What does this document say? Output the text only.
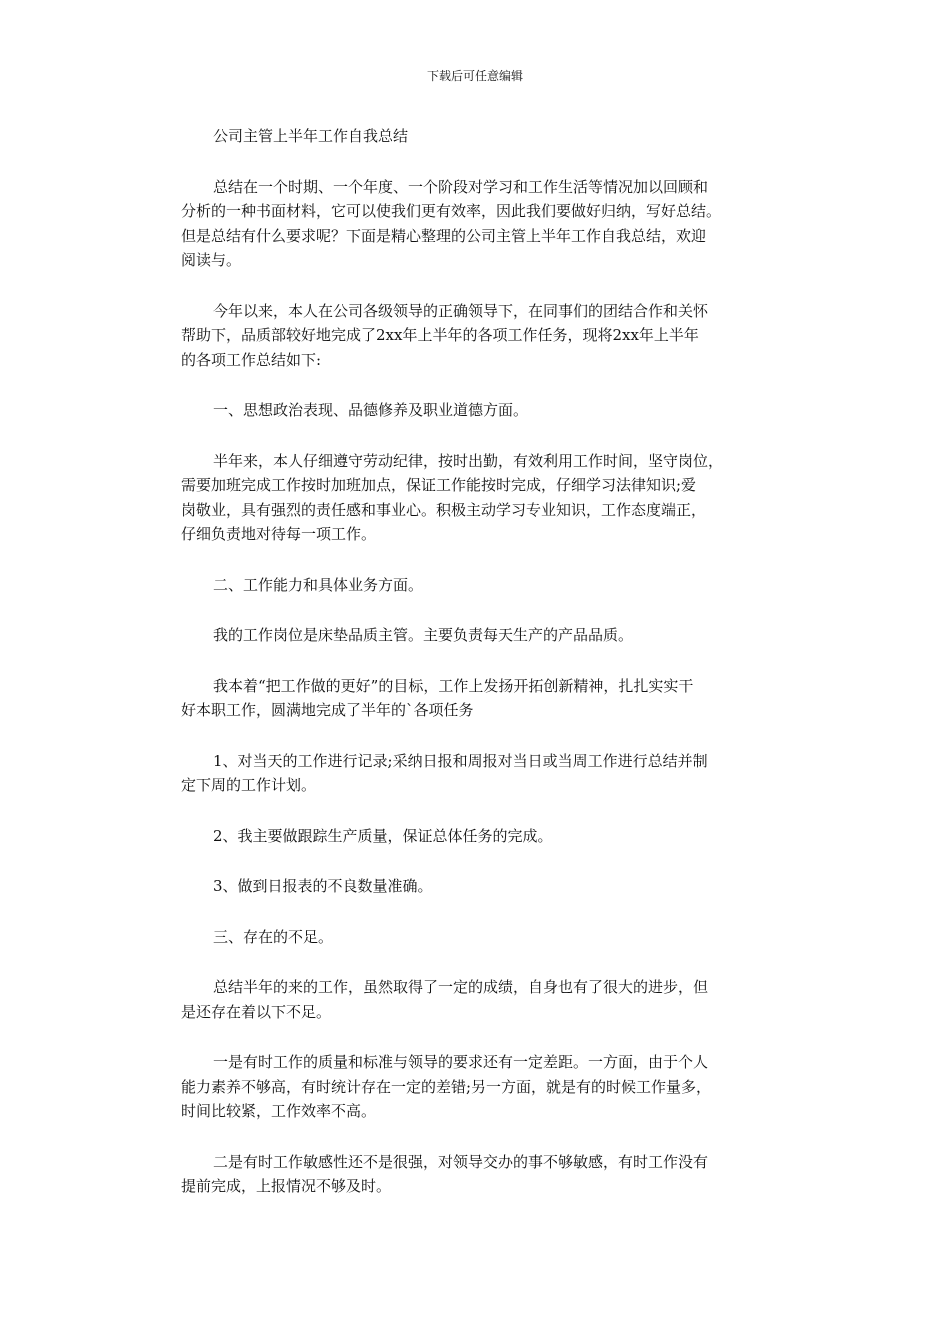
下载后可任意编辑
公司主管上半年工作自我总结
总结在一个时期、一个年度、一个阶段对学习和工作生活等情况加以回顾和
分析的一种书面材料，它可以使我们更有效率，因此我们要做好归纳，写好总结。
但是总结有什么要求呢？下面是精心整理的公司主管上半年工作自我总结，欢迎
阅读与。
今年以来，本人在公司各级领导的正确领导下，在同事们的团结合作和关怀
帮助下，品质部较好地完成了2xx年上半年的各项工作任务，现将2xx年上半年
的各项工作总结如下:
一、思想政治表现、品德修养及职业道德方面。
半年来，本人仔细遵守劳动纪律，按时出勤，有效利用工作时间，坚守岗位，
需要加班完成工作按时加班加点，保证工作能按时完成，仔细学习法律知识;爱
岗敬业，具有强烈的责任感和事业心。积极主动学习专业知识，工作态度端正，
仔细负责地对待每一项工作。
二、工作能力和具体业务方面。
我的工作岗位是床垫品质主管。主要负责每天生产的产品品质。
我本着“把工作做的更好”的目标，工作上发扬开拓创新精神，扎扎实实干
好本职工作，圆满地完成了半年的`各项任务
1、对当天的工作进行记录;采纳日报和周报对当日或当周工作进行总结并制
定下周的工作计划。
2、我主要做跟踪生产质量，保证总体任务的完成。
3、做到日报表的不良数量准确。
三、存在的不足。
总结半年的来的工作，虽然取得了一定的成绩，自身也有了很大的进步，但
是还存在着以下不足。
一是有时工作的质量和标准与领导的要求还有一定差距。一方面，由于个人
能力素养不够高，有时统计存在一定的差错;另一方面，就是有的时候工作量多，
时间比较紧，工作效率不高。
二是有时工作敏感性还不是很强，对领导交办的事不够敏感，有时工作没有
提前完成，上报情况不够及时。
